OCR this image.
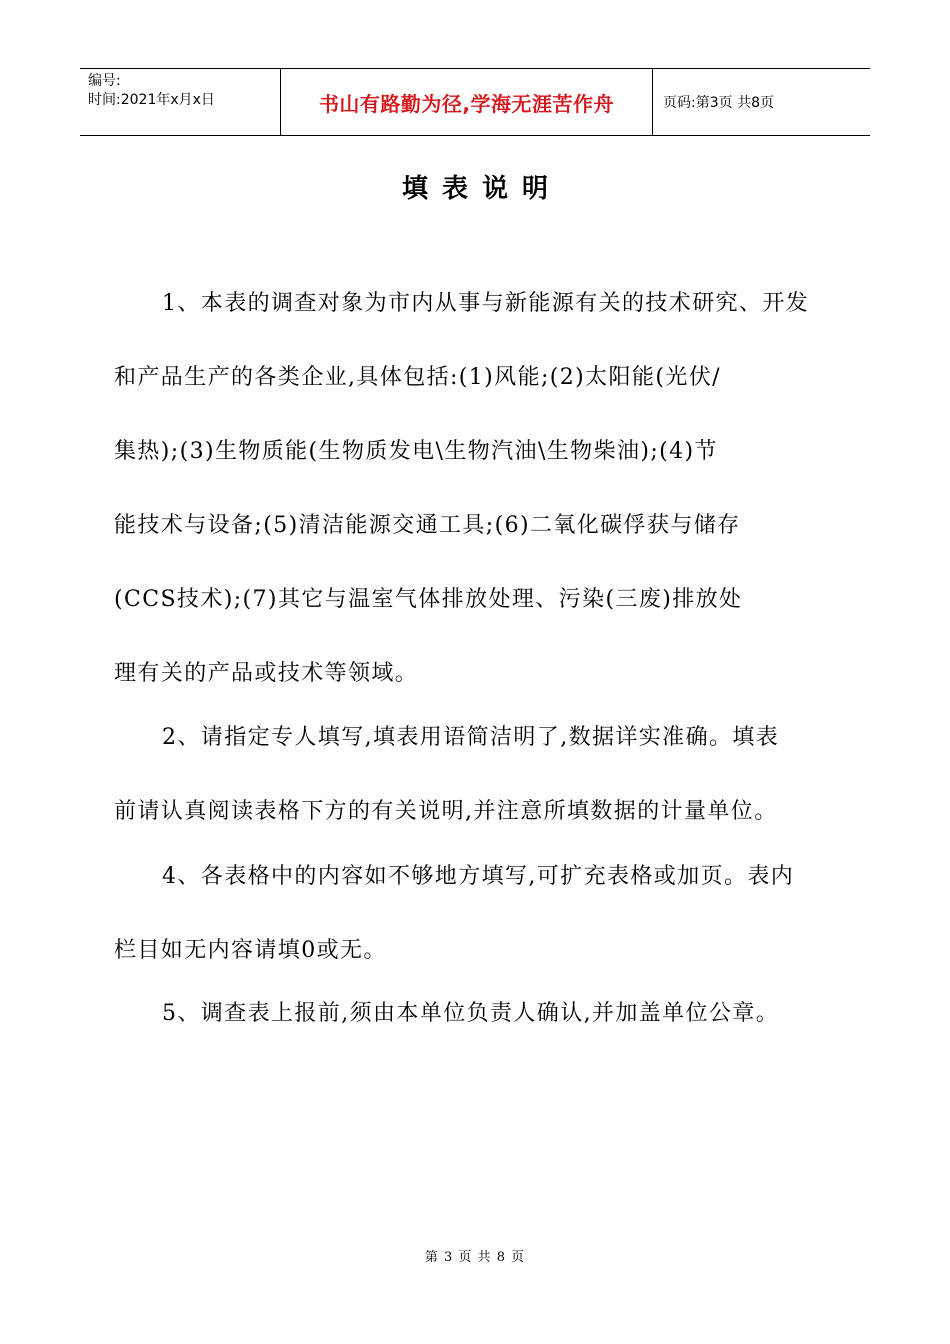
编号:
时间:2021年x月x日	书山有路勤为径,学海无涯苦作舟	页码:第3页 共8页
填表说明
1、本表的调查对象为市内从事与新能源有关的技术研究、开发
和产品生产的各类企业,具体包括:(1)风能;(2)太阳能(光伏/
集热);(3)生物质能(生物质发电\生物汽油\生物柴油);(4)节
能技术与设备;(5)清洁能源交通工具;(6)二氧化碳俘获与储存
(CCS技术);(7)其它与温室气体排放处理、污染(三废)排放处
理有关的产品或技术等领域。
2、请指定专人填写,填表用语简洁明了,数据详实准确。填表
前请认真阅读表格下方的有关说明,并注意所填数据的计量单位。
4、各表格中的内容如不够地方填写,可扩充表格或加页。表内
栏目如无内容请填0或无。
5、调查表上报前,须由本单位负责人确认,并加盖单位公章。
第 3 页 共 8 页
